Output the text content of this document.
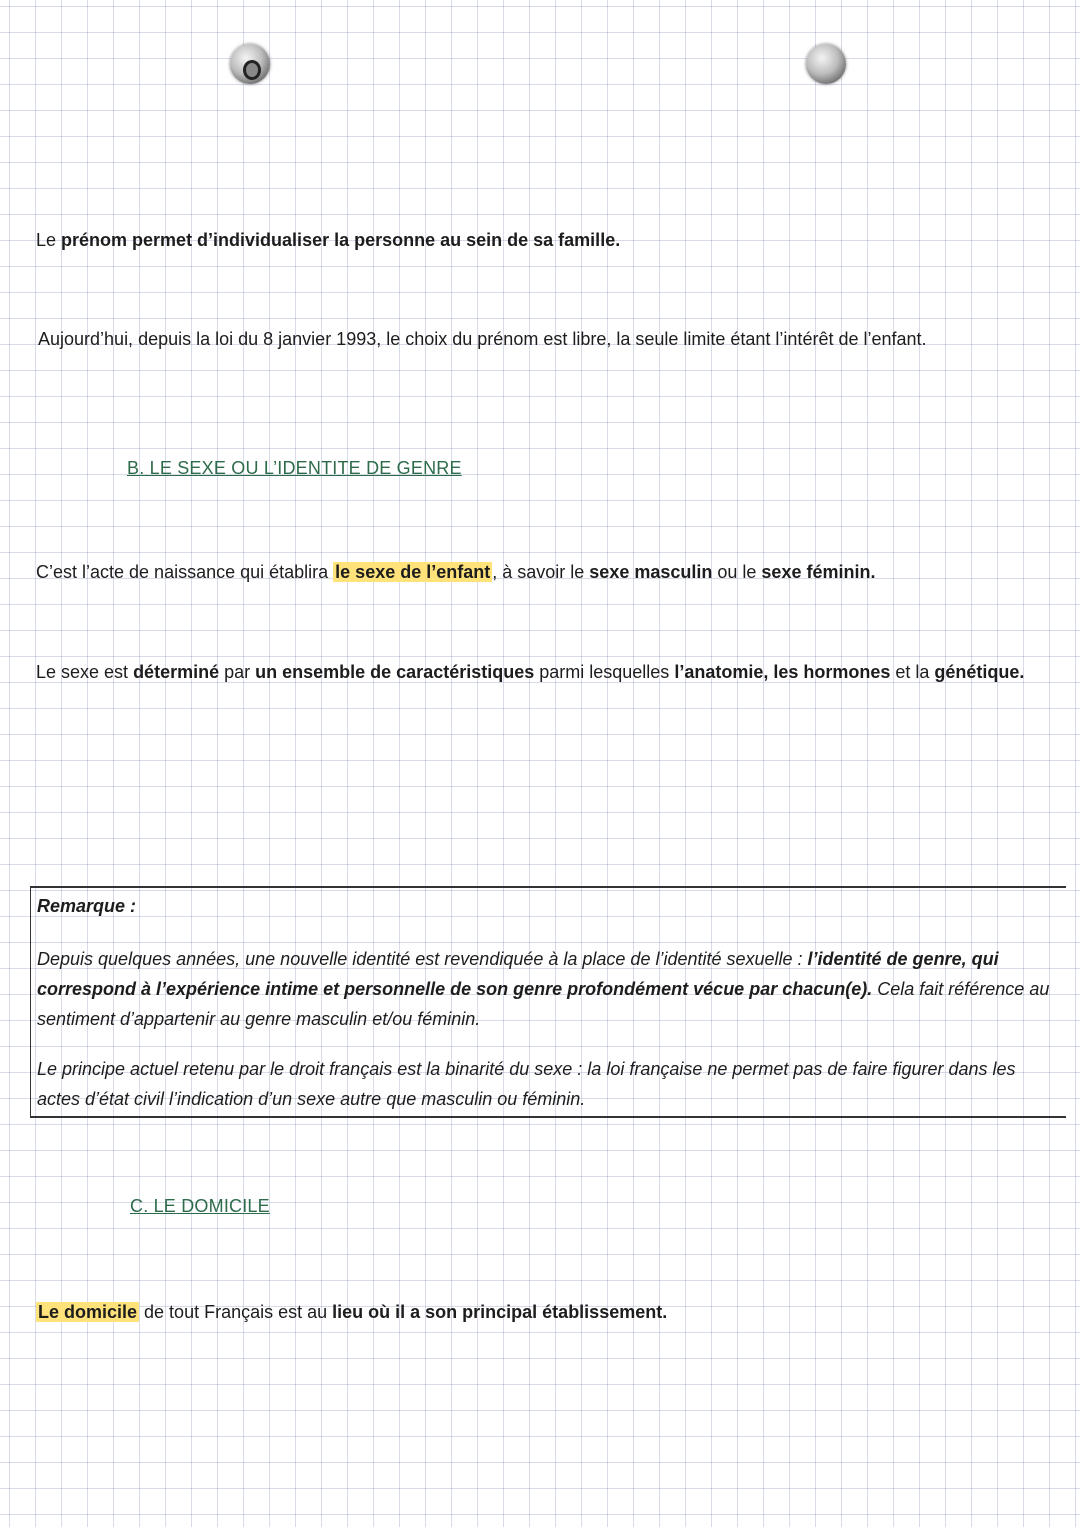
Le prénom permet d’individualiser la personne au sein de sa famille.

Aujourd’hui, depuis la loi du 8 janvier 1993, le choix du prénom est libre, la seule limite étant l’intérêt de l’enfant.

B. LE SEXE OU L’IDENTITE DE GENRE

C’est l’acte de naissance qui établira le sexe de l’enfant , à savoir le sexe masculin ou le sexe féminin.

Le sexe est déterminé par un ensemble de caractéristiques parmi lesquelles l’anatomie, les hormones et la génétique.

Remarque :

Depuis quelques années, une nouvelle identité est revendiquée à la place de l’identité sexuelle : l’identité de genre, qui correspond à l’expérience intime et personnelle de son genre profondément vécue par chacun(e). Cela fait référence au sentiment d’appartenir au genre masculin et/ou féminin.

Le principe actuel retenu par le droit français est la binarité du sexe : la loi française ne permet pas de faire figurer dans les actes d’état civil l’indication d’un sexe autre que masculin ou féminin.

C. LE DOMICILE

Le domicile de tout Français est au lieu où il a son principal établissement.
